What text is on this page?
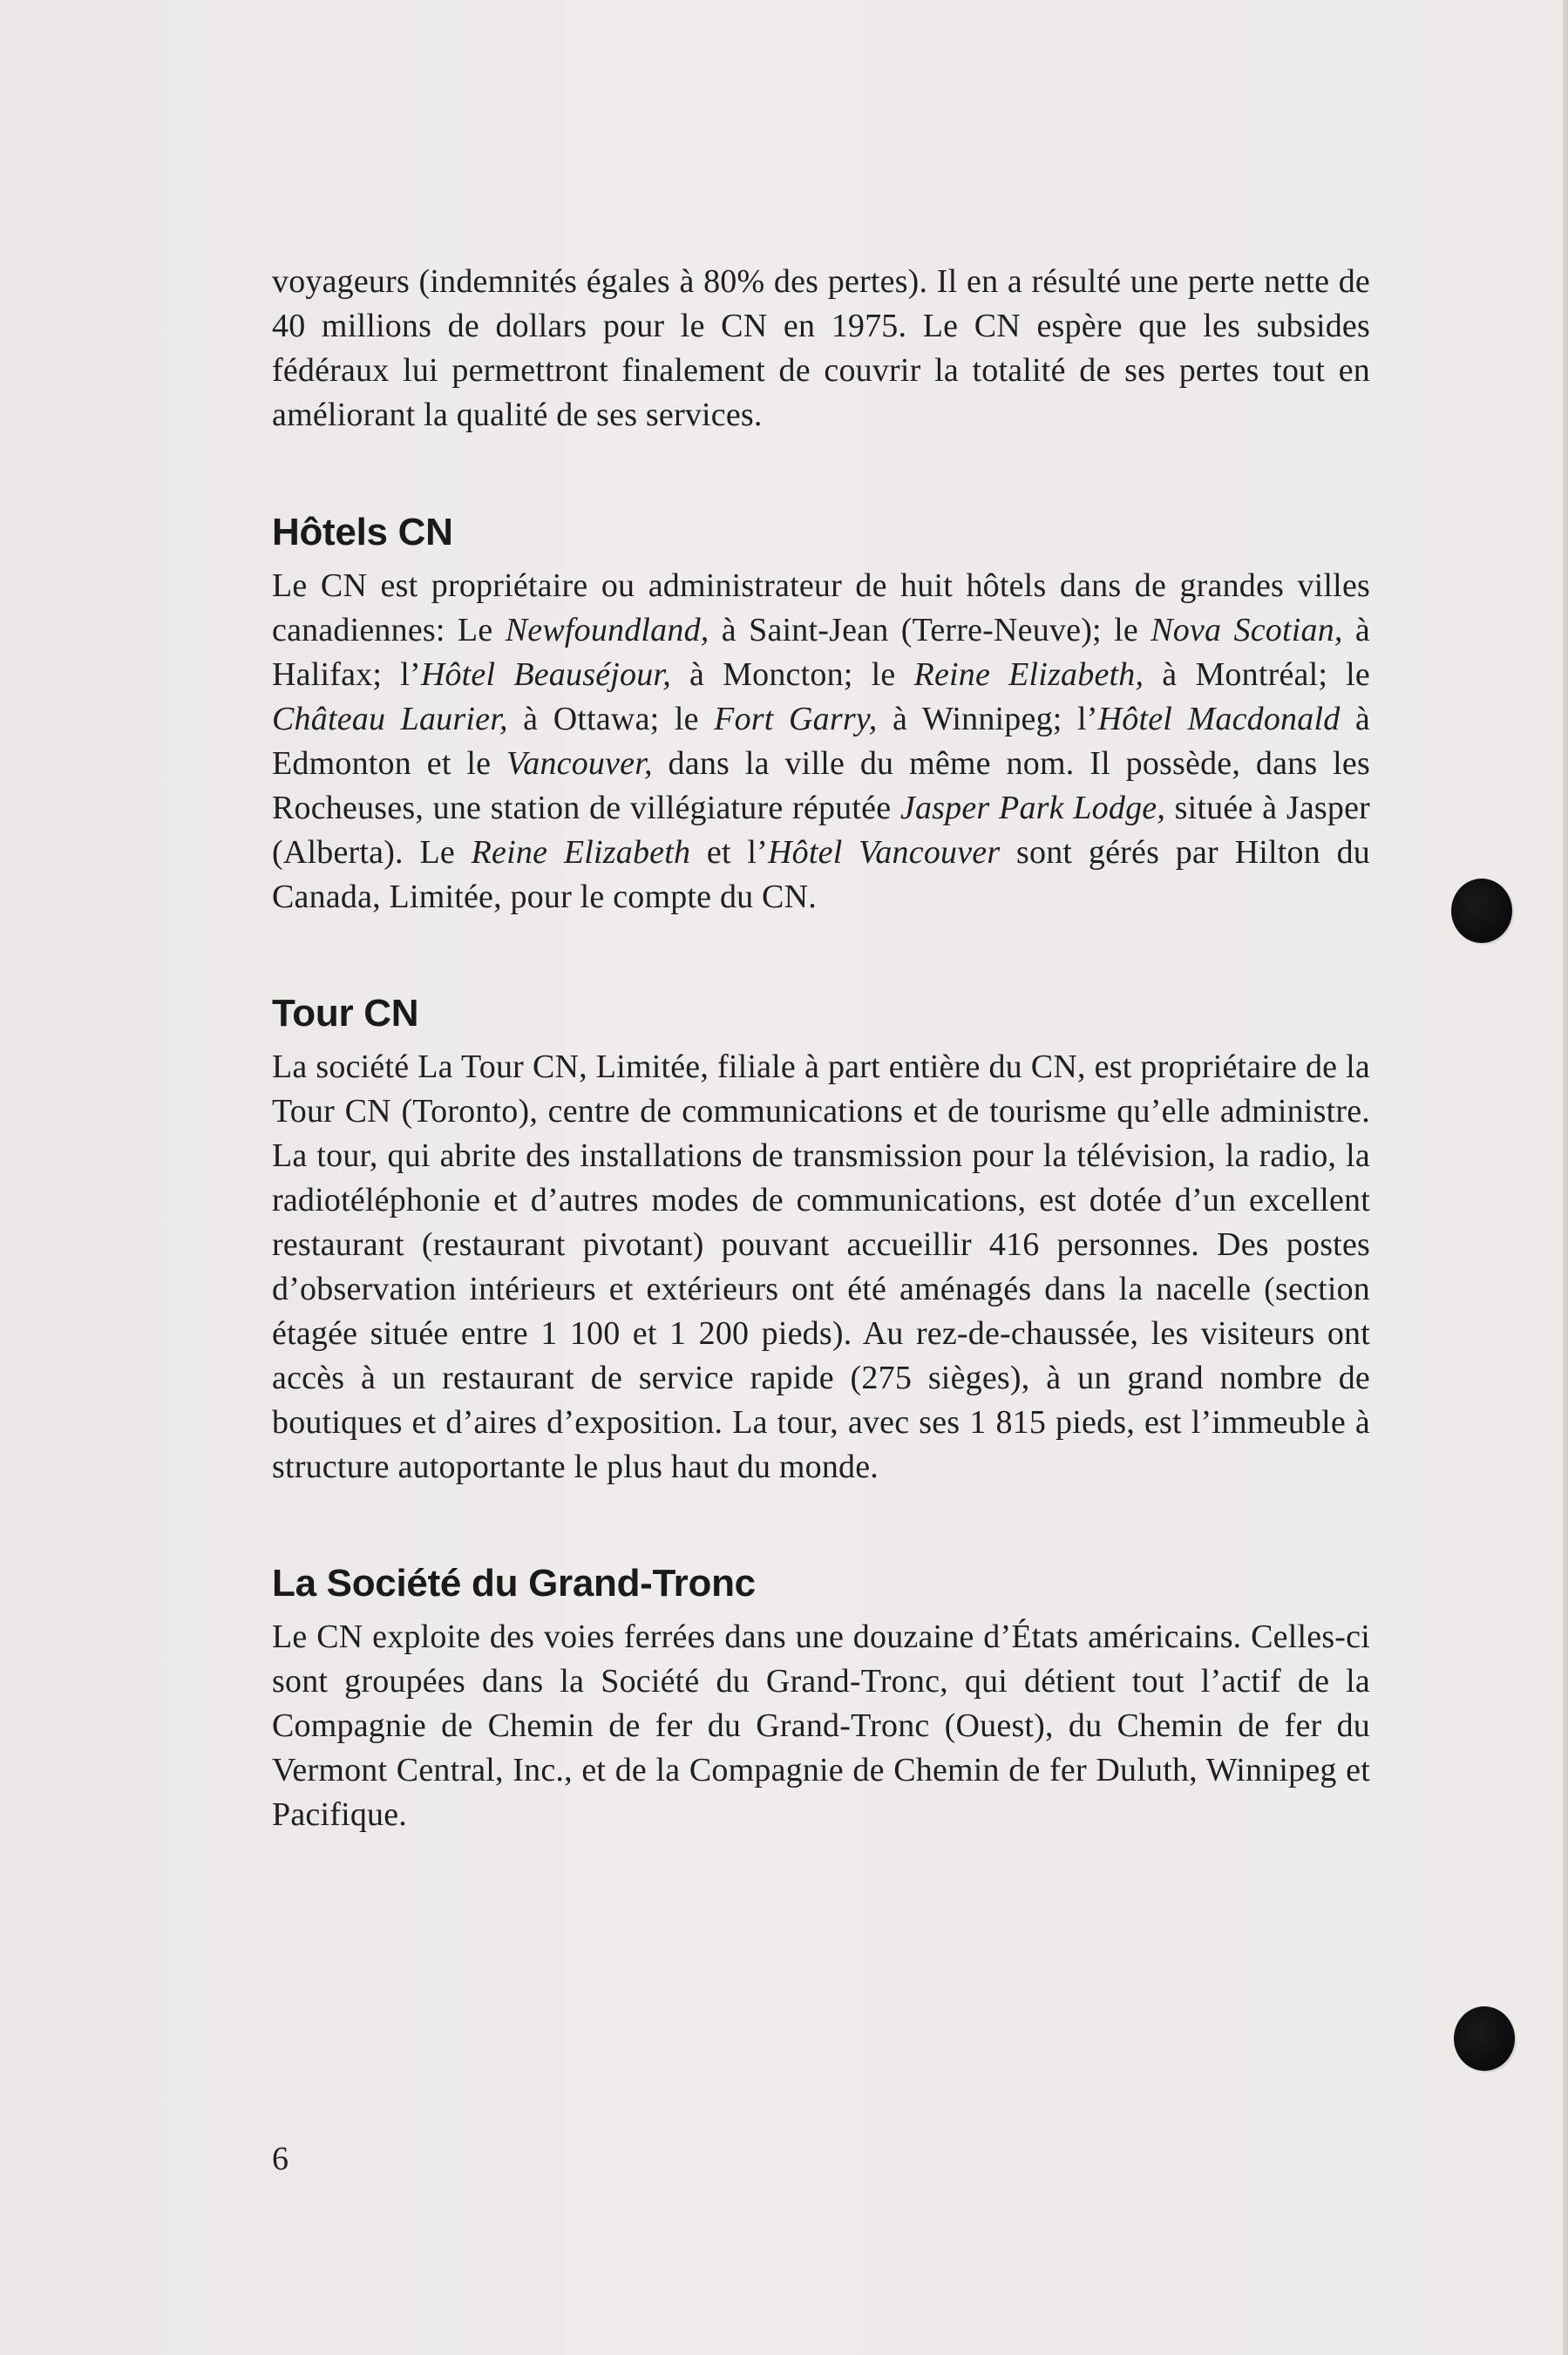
voyageurs (indemnités égales à 80% des pertes). Il en a résulté une perte nette de 40 millions de dollars pour le CN en 1975. Le CN espère que les subsides fédéraux lui permettront finalement de couvrir la totalité de ses pertes tout en améliorant la qualité de ses services.

Hôtels CN

Le CN est propriétaire ou administrateur de huit hôtels dans de grandes villes canadiennes: Le Newfoundland, à Saint-Jean (Terre-Neuve); le Nova Scotian, à Halifax; l’Hôtel Beauséjour, à Moncton; le Reine Elizabeth, à Montréal; le Château Laurier, à Ottawa; le Fort Garry, à Winnipeg; l’Hôtel Macdonald à Edmonton et le Vancouver, dans la ville du même nom. Il possède, dans les Rocheuses, une station de villégiature réputée Jasper Park Lodge, située à Jasper (Alberta). Le Reine Elizabeth et l’Hôtel Vancouver sont gérés par Hilton du Canada, Limitée, pour le compte du CN.

Tour CN

La société La Tour CN, Limitée, filiale à part entière du CN, est propriétaire de la Tour CN (Toronto), centre de communications et de tourisme qu’elle administre. La tour, qui abrite des installations de transmission pour la télévision, la radio, la radiotéléphonie et d’autres modes de communications, est dotée d’un excellent restaurant (restaurant pivotant) pouvant accueillir 416 personnes. Des postes d’observation intérieurs et extérieurs ont été aménagés dans la nacelle (section étagée située entre 1 100 et 1 200 pieds). Au rez-de-chaussée, les visiteurs ont accès à un restaurant de service rapide (275 sièges), à un grand nombre de boutiques et d’aires d’exposition. La tour, avec ses 1 815 pieds, est l’immeuble à structure autoportante le plus haut du monde.

La Société du Grand-Tronc

Le CN exploite des voies ferrées dans une douzaine d’États américains. Celles-ci sont groupées dans la Société du Grand-Tronc, qui détient tout l’actif de la Compagnie de Chemin de fer du Grand-Tronc (Ouest), du Chemin de fer du Vermont Central, Inc., et de la Compagnie de Chemin de fer Duluth, Winnipeg et Pacifique.

6
